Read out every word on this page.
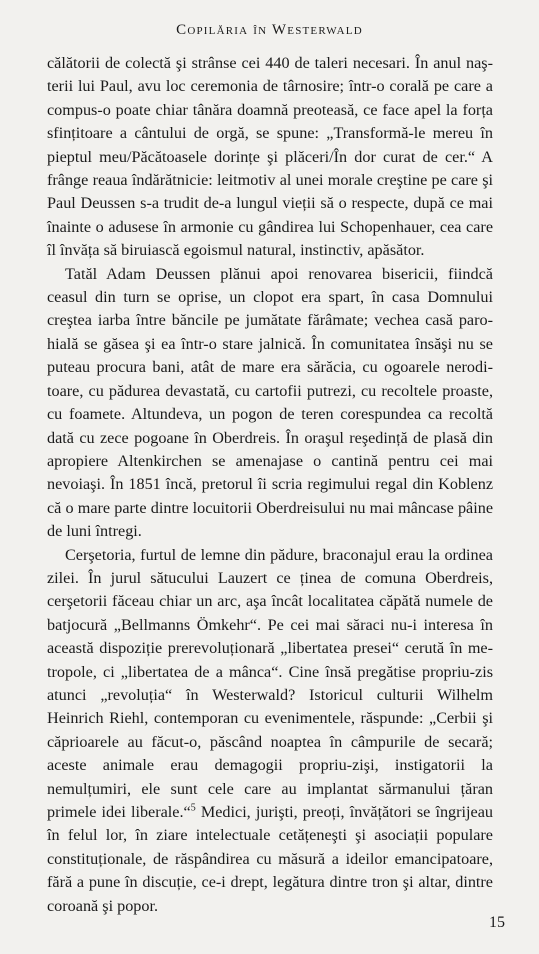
Copilăria în Westerwald

călătorii de colectă şi strânse cei 440 de taleri necesari. În anul naşterii lui Paul, avu loc ceremonia de târnosire; într-o corală pe care a compus-o poate chiar tânăra doamnă preoteasă, ce face apel la forța sfințitoare a cântului de orgă, se spune: „Transformă-le mereu în pieptul meu/Păcătoasele dorințe şi plăceri/În dor curat de cer.“ A frânge reaua îndărătnicie: leitmotiv al unei morale creştine pe care şi Paul Deussen s-a trudit de-a lungul vieții să o respecte, după ce mai înainte o adusese în armonie cu gândirea lui Schopenhauer, cea care îl învăța să biruiască egoismul natural, instinctiv, apăsător.

Tatăl Adam Deussen plănui apoi renovarea bisericii, fiindcă ceasul din turn se oprise, un clopot era spart, în casa Domnului creştea iarba între băncile pe jumătate fărâmate; vechea casă parohială se găsea şi ea într-o stare jalnică. În comunitatea însăşi nu se puteau procura bani, atât de mare era sărăcia, cu ogoarele neroditoare, cu pădurea devastată, cu cartofii putrezi, cu recoltele proaste, cu foamete. Altundeva, un pogon de teren corespundea ca recoltă dată cu zece pogoane în Oberdreis. În oraşul reşedință de plasă din apropiere Altenkirchen se amenajase o cantină pentru cei mai nevoiaşi. În 1851 încă, pretorul îi scria regimului regal din Koblenz că o mare parte dintre locuitorii Oberdreisului nu mai mâncase pâine de luni întregi.

Cerşetoria, furtul de lemne din pădure, braconajul erau la ordinea zilei. În jurul sătucului Lauzert ce ținea de comuna Oberdreis, cerşetorii făceau chiar un arc, aşa încât localitatea căpătă numele de batjocură „Bellmanns Ömkehr“. Pe cei mai săraci nu-i interesa în această dispoziție prerevoluționară „libertatea presei“ cerută în metropole, ci „libertatea de a mânca“. Cine însă pregătise propriu-zis atunci „revoluția“ în Westerwald? Istoricul culturii Wilhelm Heinrich Riehl, contemporan cu evenimentele, răspunde: „Cerbii şi căprioarele au făcut-o, păscând noaptea în câmpurile de secară; aceste animale erau demagogii propriu-zişi, instigatorii la nemulțumiri, ele sunt cele care au implantat sărmanului țăran primele idei liberale.“$^5$ Medici, jurişti, preoți, învățători se îngrijeau în felul lor, în ziare intelectuale cetățeneşti şi asociații populare constituționale, de răspândirea cu măsură a ideilor emancipatoare, fără a pune în discuție, ce-i drept, legătura dintre tron şi altar, dintre coroană şi popor.

15
